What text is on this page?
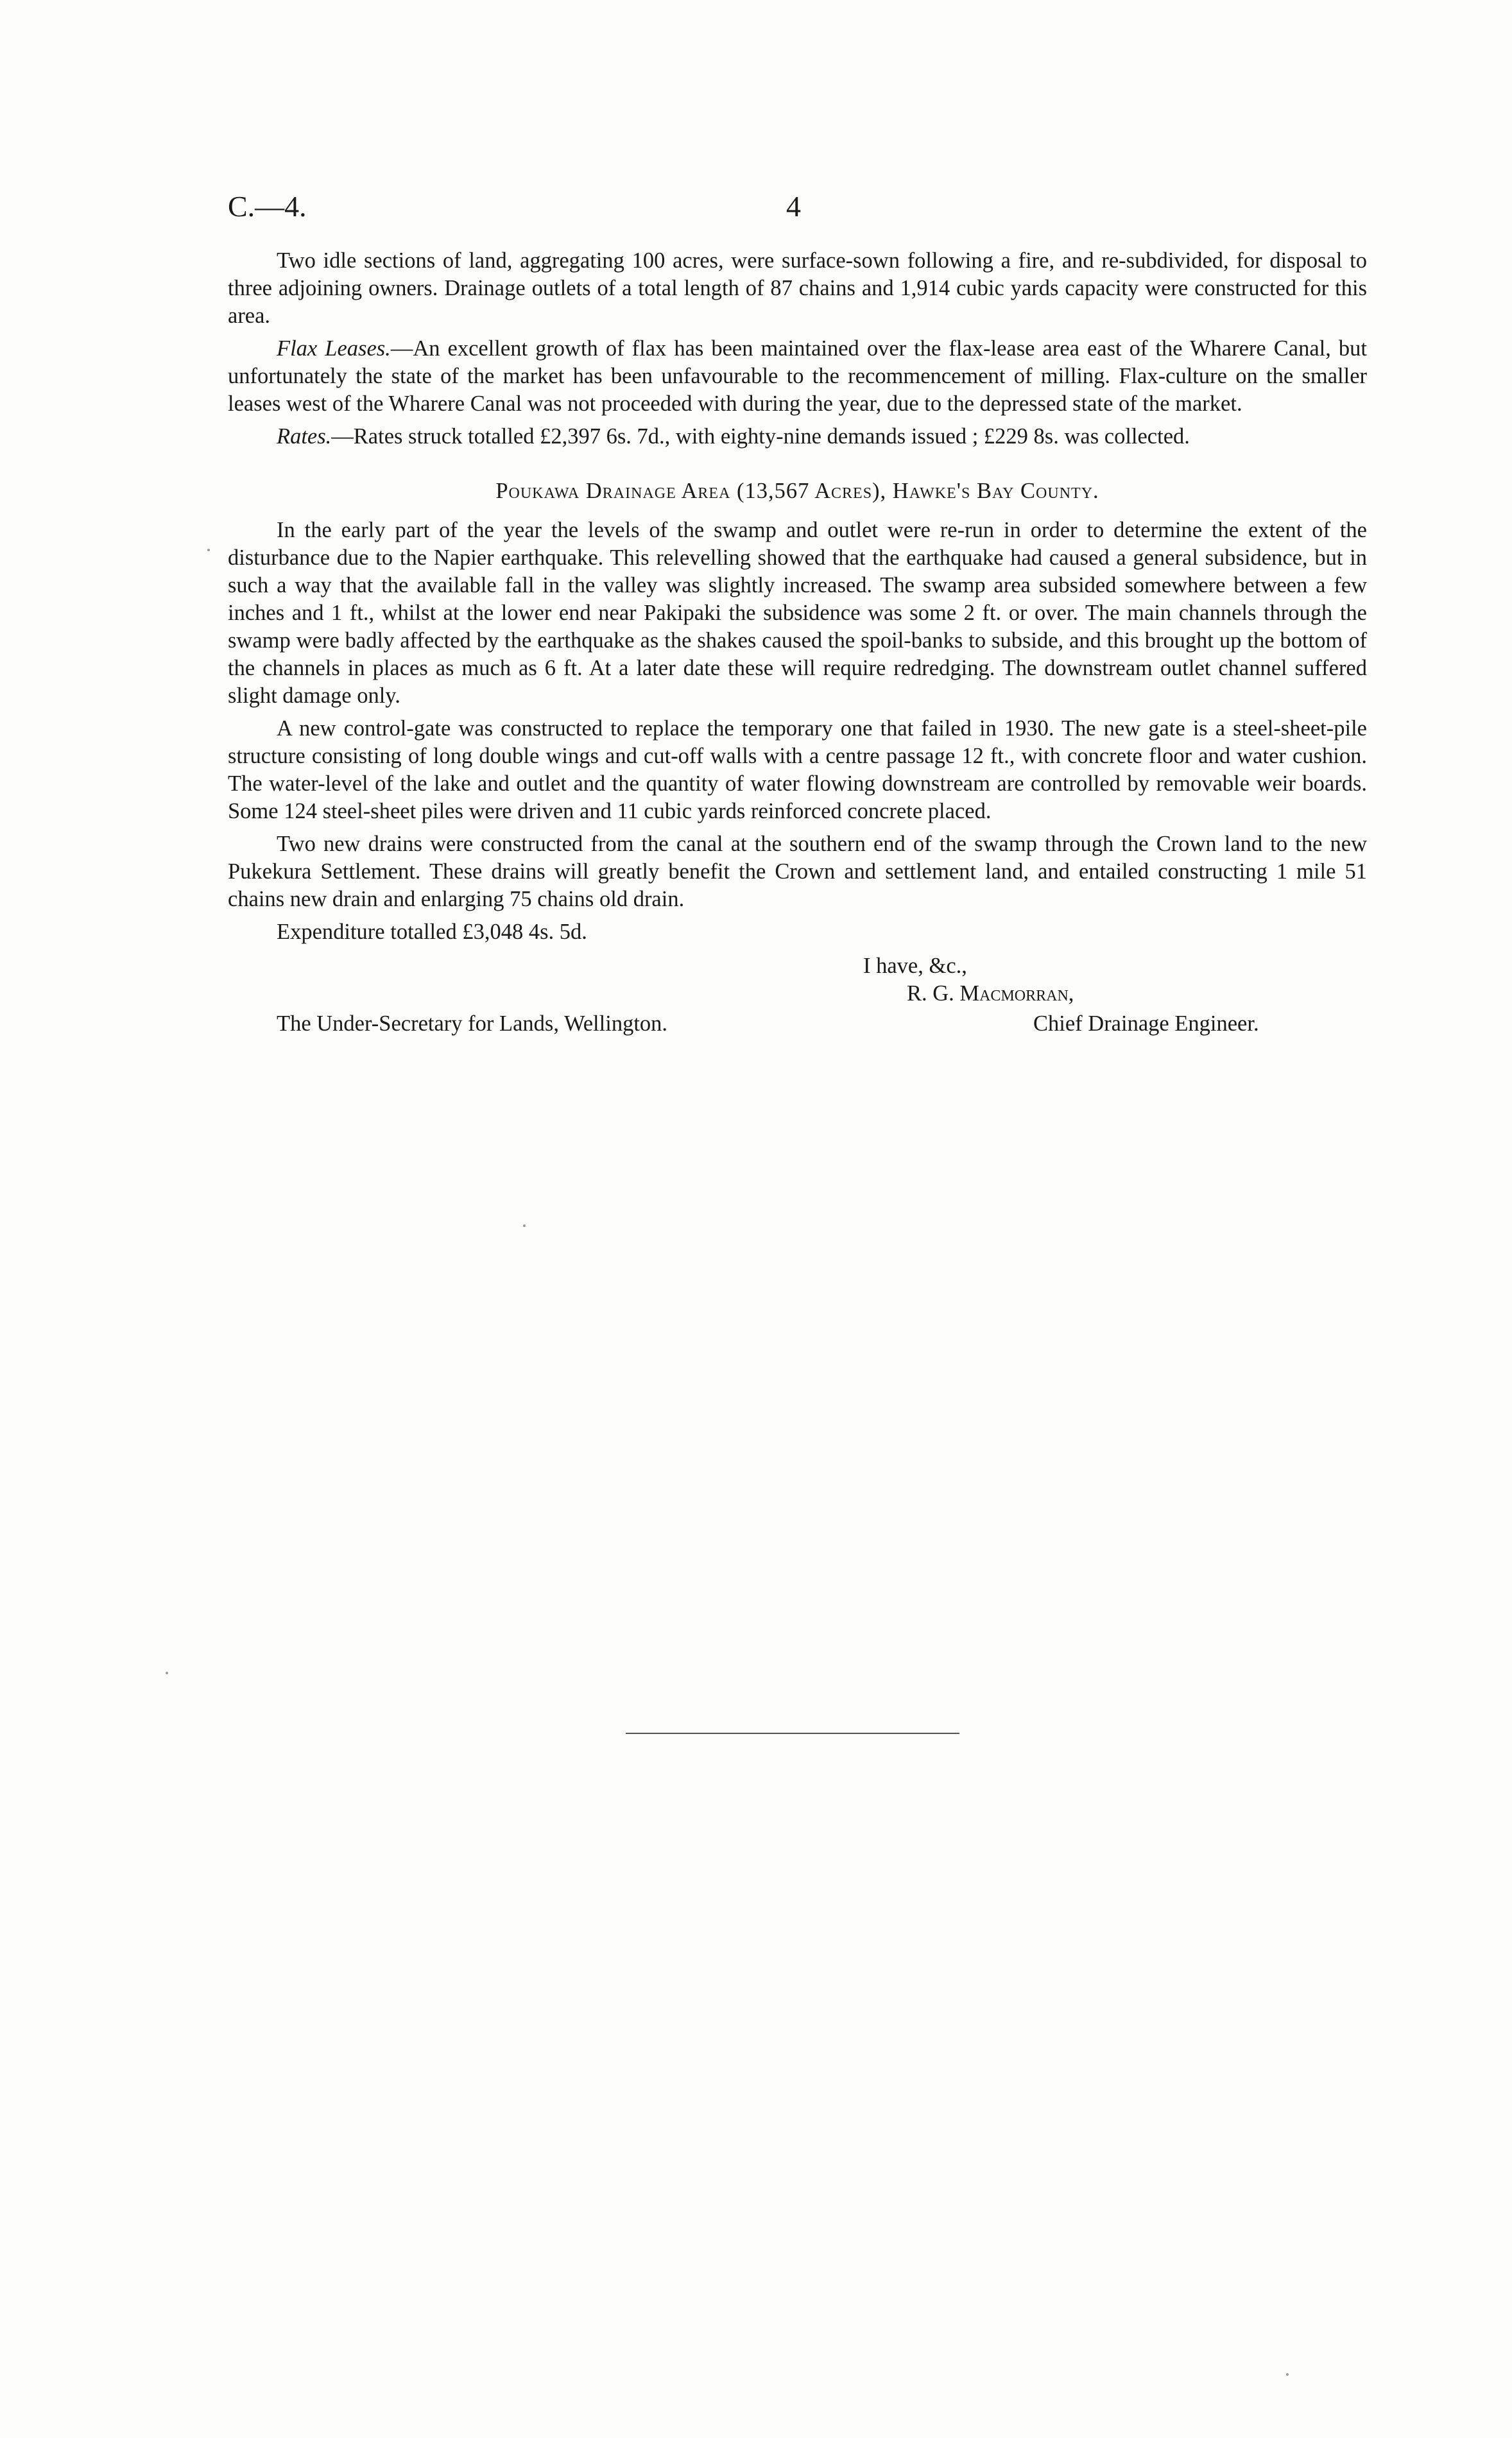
C.—4.	4

Two idle sections of land, aggregating 100 acres, were surface-sown following a fire, and re-subdivided, for disposal to three adjoining owners. Drainage outlets of a total length of 87 chains and 1,914 cubic yards capacity were constructed for this area.

Flax Leases.—An excellent growth of flax has been maintained over the flax-lease area east of the Wharere Canal, but unfortunately the state of the market has been unfavourable to the recommencement of milling. Flax-culture on the smaller leases west of the Wharere Canal was not proceeded with during the year, due to the depressed state of the market.

Rates.—Rates struck totalled £2,397 6s. 7d., with eighty-nine demands issued ; £229 8s. was collected.

Poukawa Drainage Area (13,567 Acres), Hawke's Bay County.

In the early part of the year the levels of the swamp and outlet were re-run in order to determine the extent of the disturbance due to the Napier earthquake. This relevelling showed that the earthquake had caused a general subsidence, but in such a way that the available fall in the valley was slightly increased. The swamp area subsided somewhere between a few inches and 1 ft., whilst at the lower end near Pakipaki the subsidence was some 2 ft. or over. The main channels through the swamp were badly affected by the earthquake as the shakes caused the spoil-banks to subside, and this brought up the bottom of the channels in places as much as 6 ft. At a later date these will require redredging. The downstream outlet channel suffered slight damage only.

A new control-gate was constructed to replace the temporary one that failed in 1930. The new gate is a steel-sheet-pile structure consisting of long double wings and cut-off walls with a centre passage 12 ft., with concrete floor and water cushion. The water-level of the lake and outlet and the quantity of water flowing downstream are controlled by removable weir boards. Some 124 steel-sheet piles were driven and 11 cubic yards reinforced concrete placed.

Two new drains were constructed from the canal at the southern end of the swamp through the Crown land to the new Pukekura Settlement. These drains will greatly benefit the Crown and settlement land, and entailed constructing 1 mile 51 chains new drain and enlarging 75 chains old drain.

Expenditure totalled £3,048 4s. 5d.

I have, &c.,
R. G. Macmorran,
The Under-Secretary for Lands, Wellington.	Chief Drainage Engineer.
